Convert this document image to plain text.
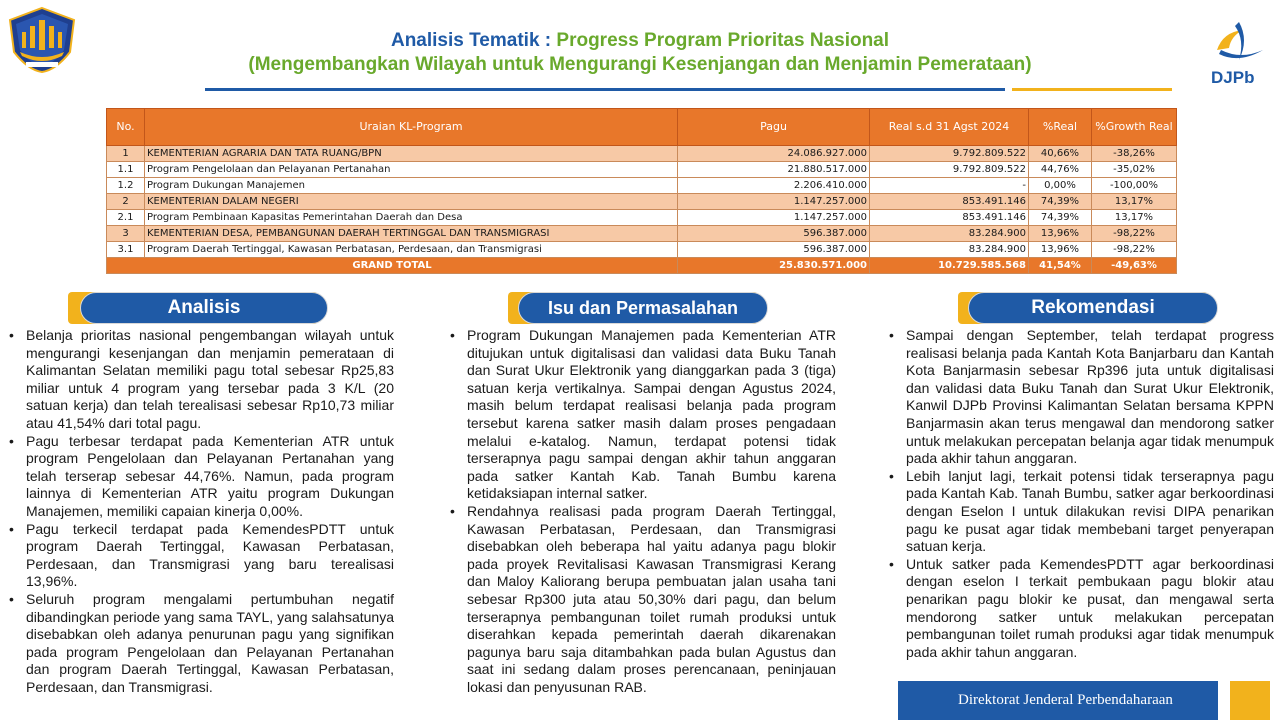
DJPb
Analisis Tematik : Progress Program Prioritas Nasional
(Mengembangkan Wilayah untuk Mengurangi Kesenjangan dan Menjamin Pemerataan)
No.	Uraian KL-Program	Pagu	Real s.d 31 Agst 2024	%Real	%Growth Real
1	KEMENTERIAN AGRARIA DAN TATA RUANG/BPN	24.086.927.000	9.792.809.522	40,66%	-38,26%
1.1	Program Pengelolaan dan Pelayanan Pertanahan	21.880.517.000	9.792.809.522	44,76%	-35,02%
1.2	Program Dukungan Manajemen	2.206.410.000	-	0,00%	-100,00%
2	KEMENTERIAN DALAM NEGERI	1.147.257.000	853.491.146	74,39%	13,17%
2.1	Program Pembinaan Kapasitas Pemerintahan Daerah dan Desa	1.147.257.000	853.491.146	74,39%	13,17%
3	KEMENTERIAN DESA, PEMBANGUNAN DAERAH TERTINGGAL DAN TRANSMIGRASI	596.387.000	83.284.900	13,96%	-98,22%
3.1	Program Daerah Tertinggal, Kawasan Perbatasan, Perdesaan, dan Transmigrasi	596.387.000	83.284.900	13,96%	-98,22%
GRAND TOTAL		25.830.571.000	10.729.585.568	41,54%	-49,63%
Analisis	Isu dan Permasalahan	Rekomendasi
• Belanja prioritas nasional pengembangan wilayah untuk mengurangi kesenjangan dan menjamin pemerataan di Kalimantan Selatan memiliki pagu total sebesar Rp25,83 miliar untuk 4 program yang tersebar pada 3 K/L (20 satuan kerja) dan telah terealisasi sebesar Rp10,73 miliar atau 41,54% dari total pagu.
• Pagu terbesar terdapat pada Kementerian ATR untuk program Pengelolaan dan Pelayanan Pertanahan yang telah terserap sebesar 44,76%. Namun, pada program lainnya di Kementerian ATR yaitu program Dukungan Manajemen, memiliki capaian kinerja 0,00%.
• Pagu terkecil terdapat pada KemendesPDTT untuk program Daerah Tertinggal, Kawasan Perbatasan, Perdesaan, dan Transmigrasi yang baru terealisasi 13,96%.
• Seluruh program mengalami pertumbuhan negatif dibandingkan periode yang sama TAYL, yang salahsatunya disebabkan oleh adanya penurunan pagu yang signifikan pada program Pengelolaan dan Pelayanan Pertanahan dan program Daerah Tertinggal, Kawasan Perbatasan, Perdesaan, dan Transmigrasi.
• Program Dukungan Manajemen pada Kementerian ATR ditujukan untuk digitalisasi dan validasi data Buku Tanah dan Surat Ukur Elektronik yang dianggarkan pada 3 (tiga) satuan kerja vertikalnya. Sampai dengan Agustus 2024, masih belum terdapat realisasi belanja pada program tersebut karena satker masih dalam proses pengadaan melalui e-katalog. Namun, terdapat potensi tidak terserapnya pagu sampai dengan akhir tahun anggaran pada satker Kantah Kab. Tanah Bumbu karena ketidaksiapan internal satker.
• Rendahnya realisasi pada program Daerah Tertinggal, Kawasan Perbatasan, Perdesaan, dan Transmigrasi disebabkan oleh beberapa hal yaitu adanya pagu blokir pada proyek Revitalisasi Kawasan Transmigrasi Kerang dan Maloy Kaliorang berupa pembuatan jalan usaha tani sebesar Rp300 juta atau 50,30% dari pagu, dan belum terserapnya pembangunan toilet rumah produksi untuk diserahkan kepada pemerintah daerah dikarenakan pagunya baru saja ditambahkan pada bulan Agustus dan saat ini sedang dalam proses perencanaan, peninjauan lokasi dan penyusunan RAB.
• Sampai dengan September, telah terdapat progress realisasi belanja pada Kantah Kota Banjarbaru dan Kantah Kota Banjarmasin sebesar Rp396 juta untuk digitalisasi dan validasi data Buku Tanah dan Surat Ukur Elektronik, Kanwil DJPb Provinsi Kalimantan Selatan bersama KPPN Banjarmasin akan terus mengawal dan mendorong satker untuk melakukan percepatan belanja agar tidak menumpuk pada akhir tahun anggaran.
• Lebih lanjut lagi, terkait potensi tidak terserapnya pagu pada Kantah Kab. Tanah Bumbu, satker agar berkoordinasi dengan Eselon I untuk dilakukan revisi DIPA penarikan pagu ke pusat agar tidak membebani target penyerapan satuan kerja.
• Untuk satker pada KemendesPDTT agar berkoordinasi dengan eselon I terkait pembukaan pagu blokir atau penarikan pagu blokir ke pusat, dan mengawal serta mendorong satker untuk melakukan percepatan pembangunan toilet rumah produksi agar tidak menumpuk pada akhir tahun anggaran.
Direktorat Jenderal Perbendaharaan
